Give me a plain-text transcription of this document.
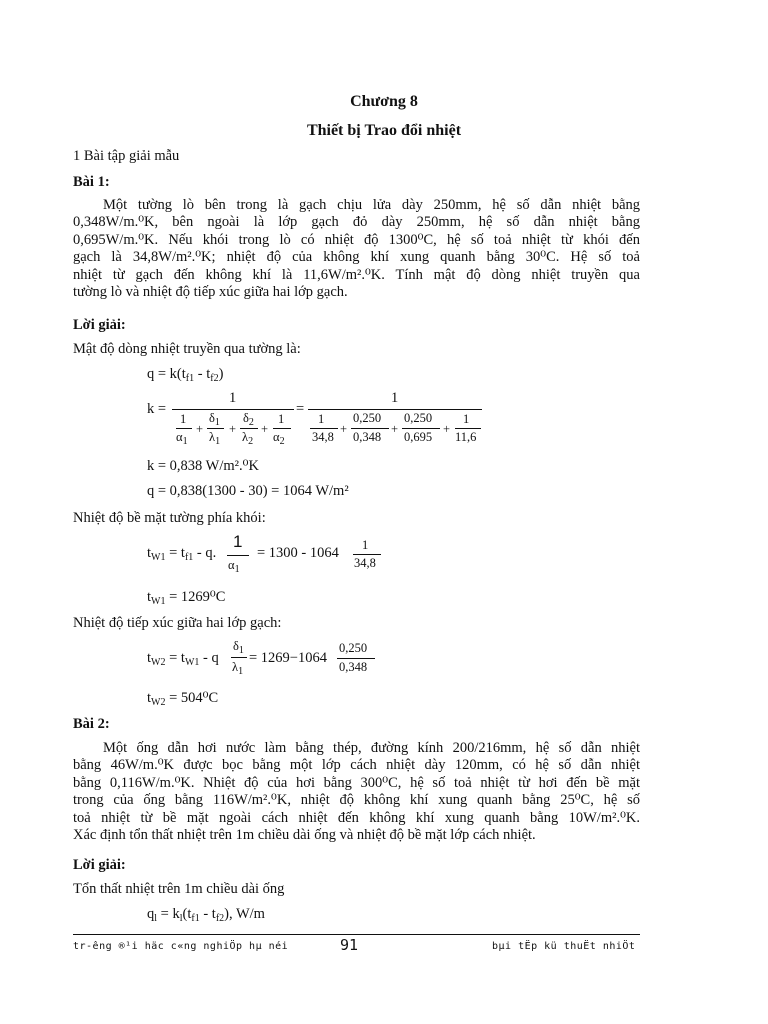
Chương 8
Thiết bị Trao đổi nhiệt
1 Bài tập giải mẫu
Bài 1:
Một tường lò bên trong là gạch chịu lửa dày 250mm, hệ số dẫn nhiệt bằng
0,348W/m.⁰K, bên ngoài là lớp gạch đỏ dày 250mm, hệ số dẫn nhiệt bằng
0,695W/m.⁰K. Nếu khói trong lò có nhiệt độ 1300⁰C, hệ số toả nhiệt từ khói đến
gạch là 34,8W/m².⁰K; nhiệt độ của không khí xung quanh bằng 30⁰C. Hệ số toả
nhiệt từ gạch đến không khí là 11,6W/m².⁰K. Tính mật độ dòng nhiệt truyền qua
tường lò và nhiệt độ tiếp xúc giữa hai lớp gạch.
Lời giải:
Mật độ dòng nhiệt truyền qua tường là:
$q = k(t_{f1} - t_{f2})$
k =
1
1
$\alpha_1$
+
$\delta_1$
$\lambda_1$
+
$\delta_2$
$\lambda_2$
+
1
$\alpha_2$
=
1
1
34,8
+
0,250
0,348
+
0,250
0,695
+
1
11,6
k = 0,838 W/m².⁰K
q = 0,838(1300 - 30) = 1064 W/m²
Nhiệt độ bề mặt tường phía khói:
$t_{W1} = t_{f1} - q$.
1
$\alpha_1$
= 1300 - 1064 1
34,8
$t_{W1} = 1269^0C$
Nhiệt độ tiếp xúc giữa hai lớp gạch:
$t_{W2} = t_{W1} - q$
$\delta_1$
$\lambda_1$
= 1269−1064
0,250
0,348
$t_{W2} = 504^0C$
Bài 2:
Một ống dẫn hơi nước làm bằng thép, đường kính 200/216mm, hệ số dẫn nhiệt
bằng 46W/m.⁰K được bọc bằng một lớp cách nhiệt dày 120mm, có hệ số dẫn nhiệt
bằng 0,116W/m.⁰K. Nhiệt độ của hơi bằng 300⁰C, hệ số toả nhiệt từ hơi đến bề mặt
trong của ống bằng 116W/m².⁰K, nhiệt độ không khí xung quanh bằng 25⁰C, hệ số
toả nhiệt từ bề mặt ngoài cách nhiệt đến không khí xung quanh bằng 10W/m².⁰K.
Xác định tổn thất nhiệt trên 1m chiều dài ống và nhiệt độ bề mặt lớp cách nhiệt.
Lời giải:
Tổn thất nhiệt trên 1m chiều dài ống
$q_l = k_l(t_{f1} - t_{f2})$, W/m
tr-êng ®¹i häc c«ng nghiÖp hµ néi	91	bµi tËp kü thuËt nhiÖt
